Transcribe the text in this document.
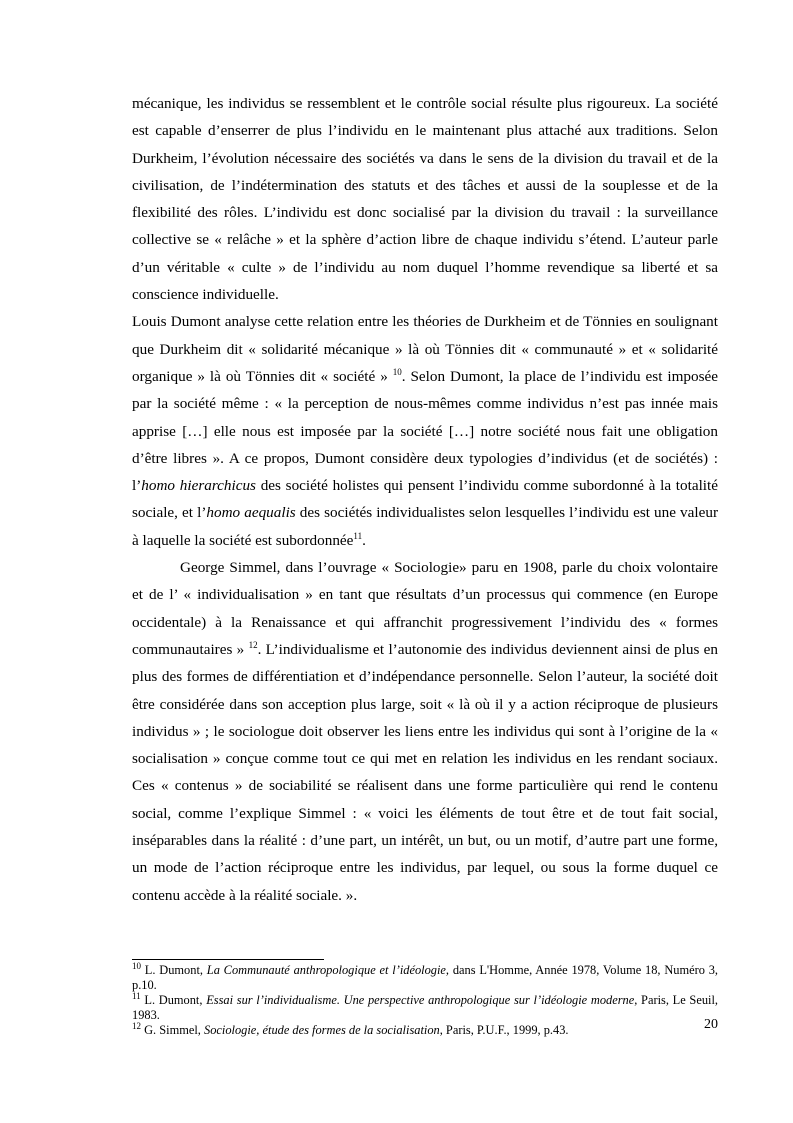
mécanique, les individus se ressemblent et le contrôle social résulte plus rigoureux. La société est capable d’enserrer de plus l’individu en le maintenant plus attaché aux traditions. Selon Durkheim, l’évolution nécessaire des sociétés va dans le sens de la division du travail et de la civilisation, de l’indétermination des statuts et des tâches et aussi de la souplesse et de la flexibilité des rôles. L’individu est donc socialisé par la division du travail : la surveillance collective se « relâche » et la sphère d’action libre de chaque individu s’étend. L’auteur parle d’un véritable « culte » de l’individu au nom duquel l’homme revendique sa liberté et sa conscience individuelle.

Louis Dumont analyse cette relation entre les théories de Durkheim et de Tönnies en soulignant que Durkheim dit « solidarité mécanique » là où Tönnies dit « communauté » et « solidarité organique » là où Tönnies dit « société » $^{10}$. Selon Dumont, la place de l’individu est imposée par la société même : « la perception de nous-mêmes comme individus n’est pas innée mais apprise […] elle nous est imposée par la société […] notre société nous fait une obligation d’être libres ». A ce propos, Dumont considère deux typologies d’individus (et de sociétés) : l’homo hierarchicus des société holistes qui pensent l’individu comme subordonné à la totalité sociale, et l’homo aequalis des sociétés individualistes selon lesquelles l’individu est une valeur à laquelle la société est subordonnée$^{11}$.

George Simmel, dans l’ouvrage « Sociologie» paru en 1908, parle du choix volontaire et de l’ « individualisation » en tant que résultats d’un processus qui commence (en Europe occidentale) à la Renaissance et qui affranchit progressivement l’individu des « formes communautaires » $^{12}$. L’individualisme et l’autonomie des individus deviennent ainsi de plus en plus des formes de différentiation et d’indépendance personnelle. Selon l’auteur, la société doit être considérée dans son acception plus large, soit « là où il y a action réciproque de plusieurs individus » ; le sociologue doit observer les liens entre les individus qui sont à l’origine de la « socialisation » conçue comme tout ce qui met en relation les individus en les rendant sociaux. Ces « contenus » de sociabilité se réalisent dans une forme particulière qui rend le contenu social, comme l’explique Simmel : « voici les éléments de tout être et de tout fait social, inséparables dans la réalité : d’une part, un intérêt, un but, ou un motif, d’autre part une forme, un mode de l’action réciproque entre les individus, par lequel, ou sous la forme duquel ce contenu accède à la réalité sociale. ».

$^{10}$ L. Dumont, La Communauté anthropologique et l’idéologie, dans L'Homme, Année 1978, Volume 18, Numéro 3, p.10.

$^{11}$ L. Dumont, Essai sur l’individualisme. Une perspective anthropologique sur l’idéologie moderne, Paris, Le Seuil, 1983.

$^{12}$ G. Simmel, Sociologie, étude des formes de la socialisation, Paris, P.U.F., 1999, p.43.	20
